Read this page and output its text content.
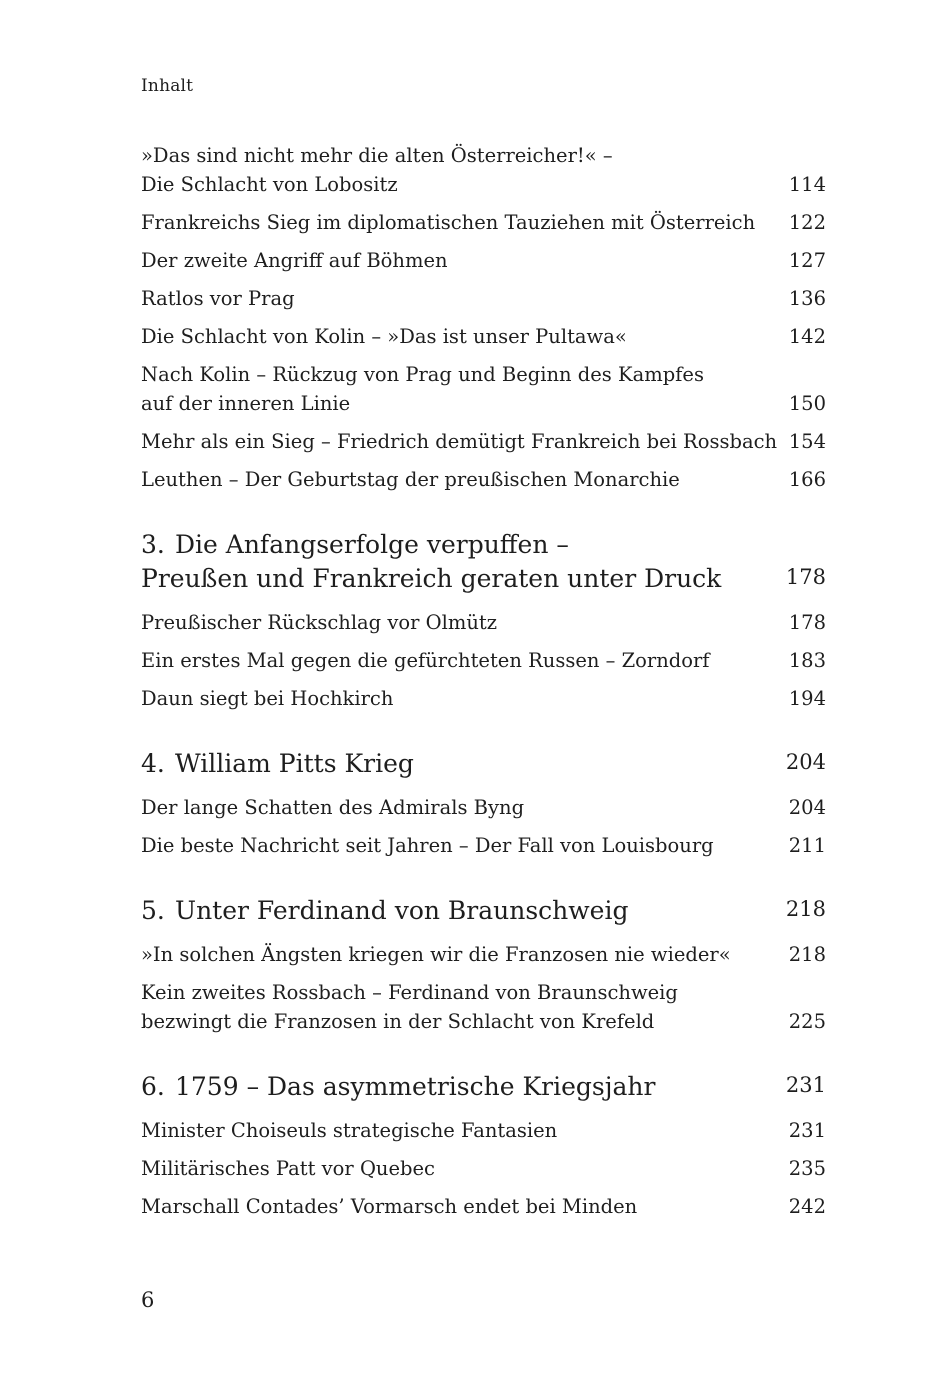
Inhalt
»Das sind nicht mehr die alten Österreicher!« –
Die Schlacht von Lobositz	114
Frankreichs Sieg im diplomatischen Tauziehen mit Österreich	122
Der zweite Angriff auf Böhmen	127
Ratlos vor Prag	136
Die Schlacht von Kolin – »Das ist unser Pultawa«	142
Nach Kolin – Rückzug von Prag und Beginn des Kampfes
auf der inneren Linie	150
Mehr als ein Sieg – Friedrich demütigt Frankreich bei Rossbach 154
Leuthen – Der Geburtstag der preußischen Monarchie	166
3. Die Anfangserfolge verpuffen –
Preußen und Frankreich geraten unter Druck	178
Preußischer Rückschlag vor Olmütz	178
Ein erstes Mal gegen die gefürchteten Russen – Zorndorf	183
Daun siegt bei Hochkirch	194
4. William Pitts Krieg	204
Der lange Schatten des Admirals Byng	204
Die beste Nachricht seit Jahren – Der Fall von Louisbourg	211
5. Unter Ferdinand von Braunschweig	218
»In solchen Ängsten kriegen wir die Franzosen nie wieder«	218
Kein zweites Rossbach – Ferdinand von Braunschweig
bezwingt die Franzosen in der Schlacht von Krefeld	225
6. 1759 – Das asymmetrische Kriegsjahr	231
Minister Choiseuls strategische Fantasien	231
Militärisches Patt vor Quebec	235
Marschall Contades’ Vormarsch endet bei Minden	242
6
